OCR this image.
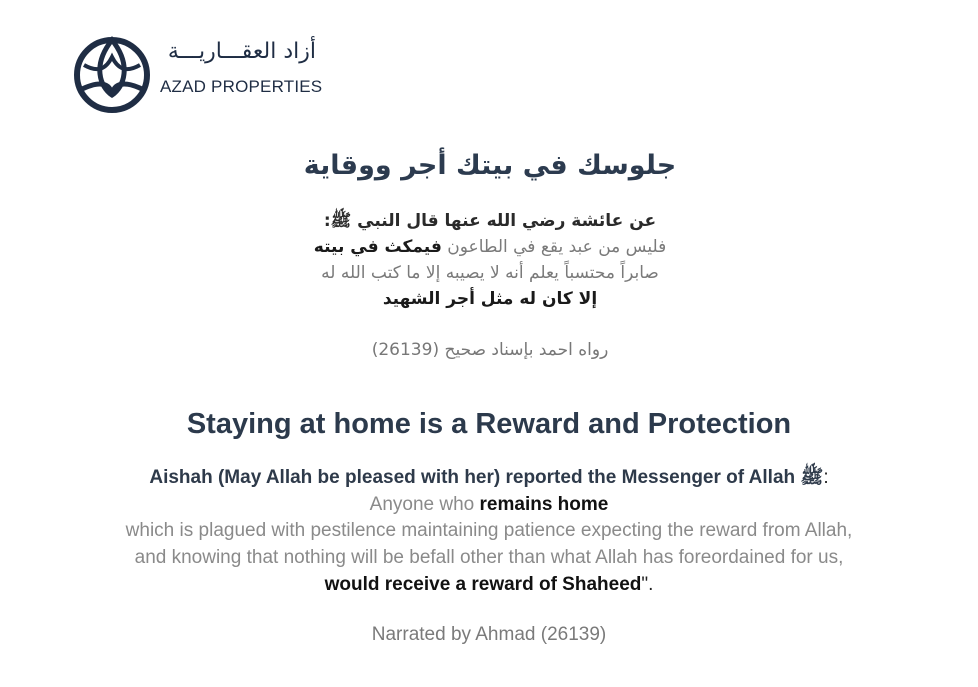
أزاد العقـــاريـــة
AZAD PROPERTIES
جلوسك في بيتك أجر ووقاية
عن عائشة رضي الله عنها قال النبي ﷺ:
فليس من عبد يقع في الطاعون فيمكث في بيته
صابراً محتسباً يعلم أنه لا يصيبه إلا ما كتب الله له
إلا كان له مثل أجر الشهيد
رواه احمد بإسناد صحيح (26139)
Staying at home is a Reward and Protection
Aishah (May Allah be pleased with her) reported the Messenger of Allah ﷺ:
Anyone who remains home
which is plagued with pestilence maintaining patience expecting the reward from Allah,
and knowing that nothing will be befall other than what Allah has foreordained for us,
would receive a reward of Shaheed".
Narrated by Ahmad (26139)
